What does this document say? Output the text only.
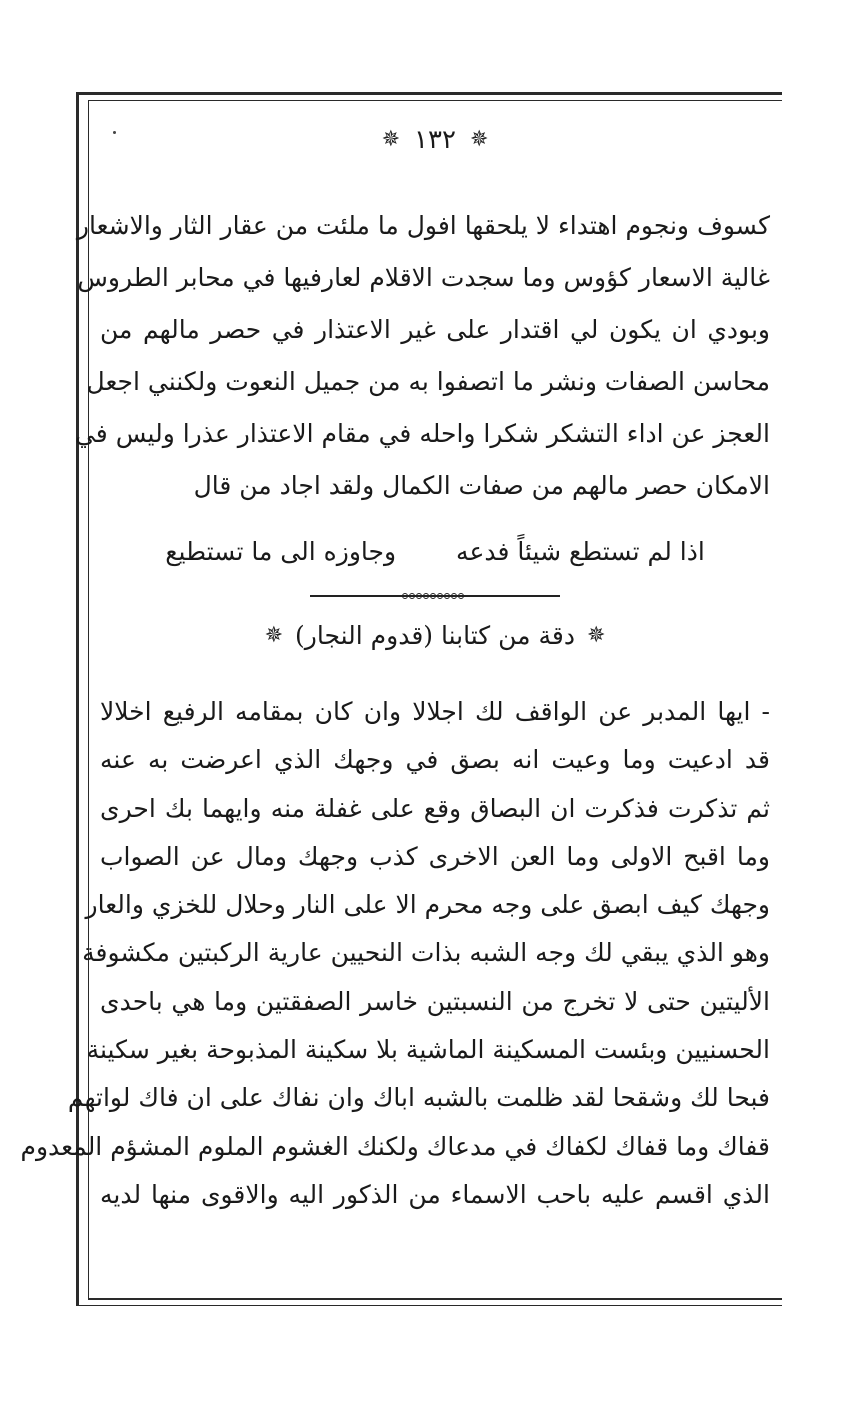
✵ ١٣٢ ✵
كسوف ونجوم اهتداء لا يلحقها افول ما ملئت من عقار الثار والاشعار
غالية الاسعار كؤوس وما سجدت الاقلام لعارفيها في محابر الطروس
وبودي ان يكون لي اقتدار على غير الاعتذار في حصر مالهم من
محاسن الصفات ونشر ما اتصفوا به من جميل النعوت ولكنني اجعل
العجز عن اداء التشكر شكرا واحله في مقام الاعتذار عذرا وليس في
الامكان حصر مالهم من صفات الكمال ولقد اجاد من قال
اذا لم تستطع شيئاً فدعه
وجاوزه الى ما تستطيع
✵
دقة من كتابنا (قدوم النجار)
✵
- ايها المدبر عن الواقف لك اجلالا وان كان بمقامه الرفيع اخلالا
قد ادعيت وما وعيت انه بصق في وجهك الذي اعرضت به عنه
ثم تذكرت فذكرت ان البصاق وقع على غفلة منه وايهما بك احرى
وما اقبح الاولى وما العن الاخرى كذب وجهك ومال عن الصواب
وجهك كيف ابصق على وجه محرم الا على النار وحلال للخزي والعار
وهو الذي يبقي لك وجه الشبه بذات النحيين عارية الركبتين مكشوفة
الأليتين حتى لا تخرج من النسبتين خاسر الصفقتين وما هي باحدى
الحسنيين وبئست المسكينة الماشية بلا سكينة المذبوحة بغير سكينة
فبحا لك وشقحا لقد ظلمت بالشبه اباك وان نفاك على ان فاك لواتهم
قفاك وما قفاك لكفاك في مدعاك ولكنك الغشوم الملوم المشؤم المعدوم
الذي اقسم عليه باحب الاسماء من الذكور اليه والاقوى منها لديه
